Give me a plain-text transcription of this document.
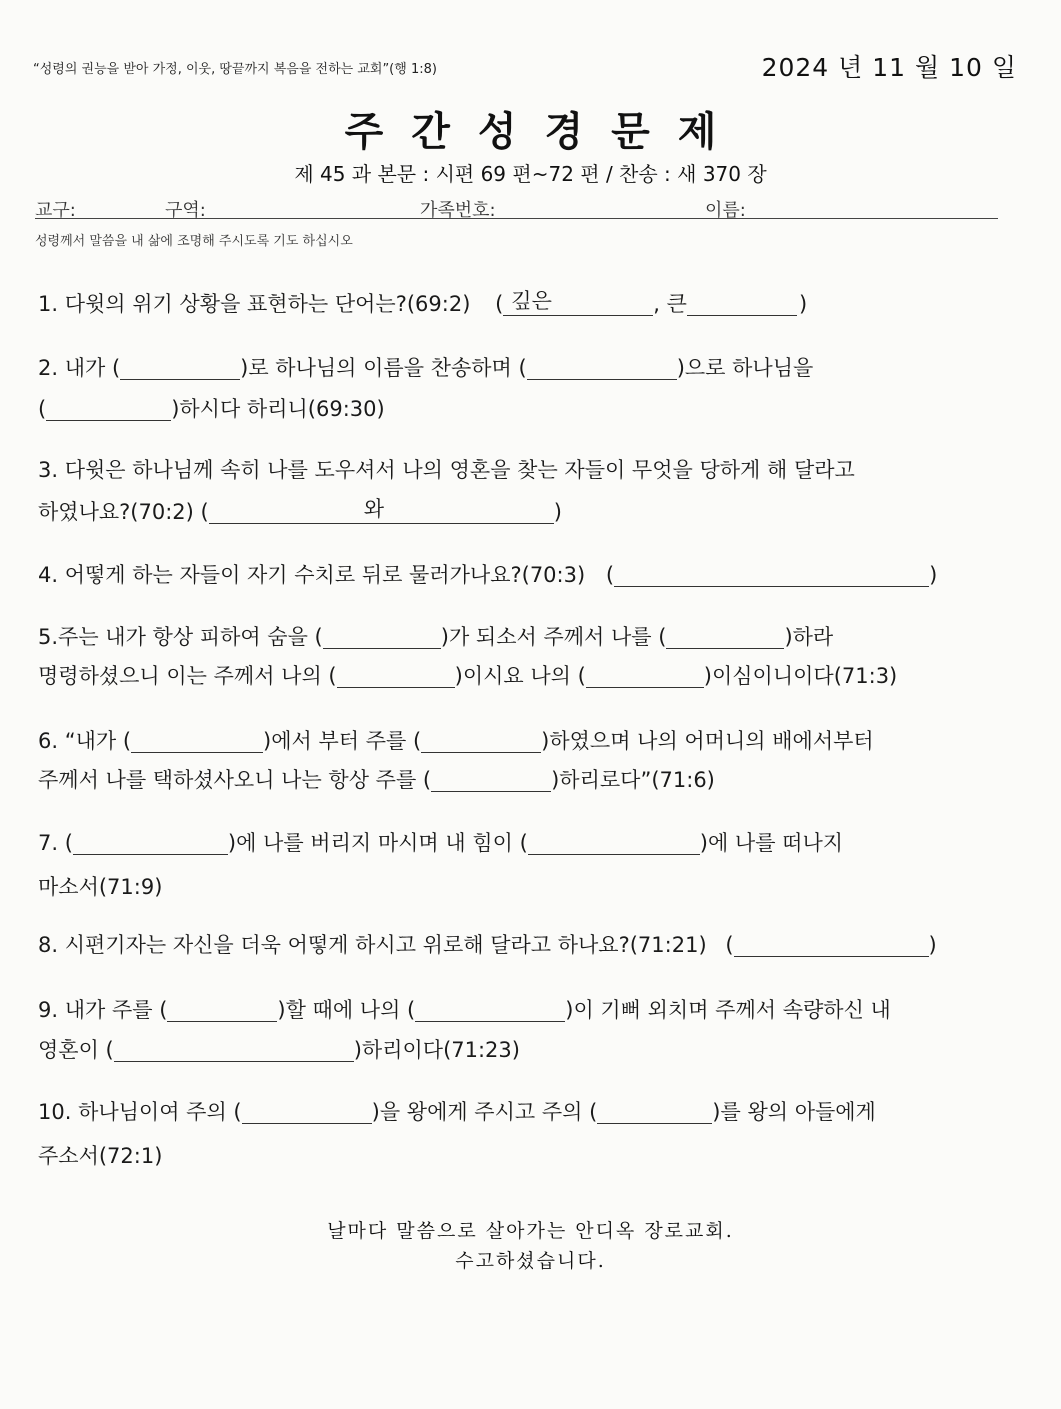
“성령의 권능을 받아 가정, 이웃, 땅끝까지 복음을 전하는 교회”(행 1:8)	2024 년 11 월 10 일
주간성경문제
제 45 과 본문 : 시편 69 편~72 편 / 찬송 : 새 370 장
교구:	구역:	가족번호:	이름:
성령께서 말씀을 내 삶에 조명해 주시도록 기도 하십시오
1. 다윗의 위기 상황을 표현하는 단어는?(69:2) ( 깊은	, 큰	)
2. 내가 (	)로 하나님의 이름을 찬송하며 (	)으로 하나님을
(	)하시다 하리니(69:30)
3. 다윗은 하나님께 속히 나를 도우셔서 나의 영혼을 찾는 자들이 무엇을 당하게 해 달라고
하였나요?(70:2) (	와	)
4. 어떻게 하는 자들이 자기 수치로 뒤로 물러가나요?(70:3) (	)
5.주는 내가 항상 피하여 숨을 (	)가 되소서 주께서 나를 (	)하라
명령하셨으니 이는 주께서 나의 (	)이시요 나의 (	)이심이니이다(71:3)
6. “내가 (	)에서 부터 주를 (	)하였으며 나의 어머니의 배에서부터
주께서 나를 택하셨사오니 나는 항상 주를 (	)하리로다”(71:6)
7. (	)에 나를 버리지 마시며 내 힘이 (	)에 나를 떠나지
마소서(71:9)
8. 시편기자는 자신을 더욱 어떻게 하시고 위로해 달라고 하나요?(71:21) (	)
9. 내가 주를 (	)할 때에 나의 (	)이 기뻐 외치며 주께서 속량하신 내
영혼이 (	)하리이다(71:23)
10. 하나님이여 주의 (	)을 왕에게 주시고 주의 (	)를 왕의 아들에게
주소서(72:1)
날마다 말씀으로 살아가는 안디옥 장로교회.
수고하셨습니다.
